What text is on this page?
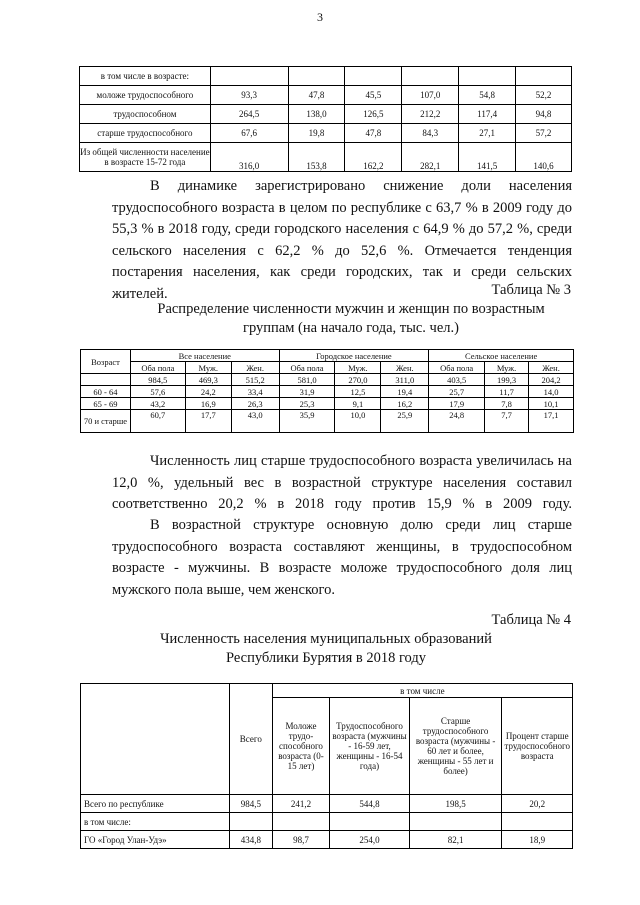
3
в том числе в возрасте:						
моложе трудоспособного	93,3	47,8	45,5	107,0	54,8	52,2
трудоспособном	264,5	138,0	126,5	212,2	117,4	94,8
старше трудоспособного	67,6	19,8	47,8	84,3	27,1	57,2
Из общей численности население в возрасте 15-72 года	316,0	153,8	162,2	282,1	141,5	140,6

В динамике зарегистрировано снижение доли населения трудоспособного возраста в целом по республике с 63,7 % в 2009 году до 55,3 % в 2018 году, среди городского населения с 64,9 % до 57,2 %, среди сельского населения с 62,2 % до 52,6 %. Отмечается тенденция постарения населения, как среди городских, так и среди сельских жителей.	Таблица № 3
Распределение численности мужчин и женщин по возрастным группам (на начало года, тыс. чел.)
Возраст	Все население			Городское население			Сельское население		
	Оба пола	Муж.	Жен.	Оба пола	Муж.	Жен.	Оба пола	Муж.	Жен.
	984,5	469,3	515,2	581,0	270,0	311,0	403,5	199,3	204,2
60 - 64	57,6	24,2	33,4	31,9	12,5	19,4	25,7	11,7	14,0
65 - 69	43,2	16,9	26,3	25,3	9,1	16,2	17,9	7,8	10,1
70 и старше	60,7	17,7	43,0	35,9	10,0	25,9	24,8	7,7	17,1

Численность лиц старше трудоспособного возраста увеличилась на 12,0 %, удельный вес в возрастной структуре населения составил соответственно 20,2 % в 2018 году против 15,9 % в 2009 году.

В возрастной структуре основную долю среди лиц старше трудоспособного возраста составляют женщины, в трудоспособном возрасте - мужчины. В возрасте моложе трудоспособного доля лиц мужского пола выше, чем женского.

Таблица № 4
Численность населения муниципальных образований
Республики Бурятия в 2018 году
	Всего	в том числе			
		Моложе трудо-способного возраста (0-15 лет)	Трудоспособного возраста (мужчины - 16-59 лет, женщины - 16-54 года)	Старше трудоспособного возраста (мужчины - 60 лет и более, женщины - 55 лет и более)	Процент старше трудоспособного возраста
Всего по республике	984,5	241,2	544,8	198,5	20,2
в том числе:					
ГО «Город Улан-Удэ»	434,8	98,7	254,0	82,1	18,9
